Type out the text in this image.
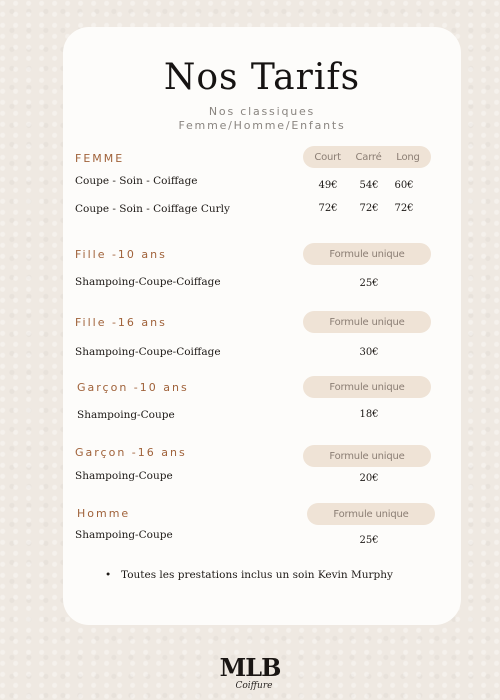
Nos Tarifs
Nos classiques
Femme/Homme/Enfants
FEMME	Court Carré Long
Coupe - Soin - Coiffage	49€	54€	60€
Coupe - Soin - Coiffage Curly	72€	72€	72€
Fille -10 ans	Formule unique
Shampoing-Coupe-Coiffage	25€
Fille -16 ans	Formule unique
Shampoing-Coupe-Coiffage	30€
Garçon -10 ans	Formule unique
Shampoing-Coupe	18€
Garçon -16 ans	Formule unique
Shampoing-Coupe	20€
Homme	Formule unique
Shampoing-Coupe	25€
• Toutes les prestations inclus un soin Kevin Murphy
MLB
Coiffure
